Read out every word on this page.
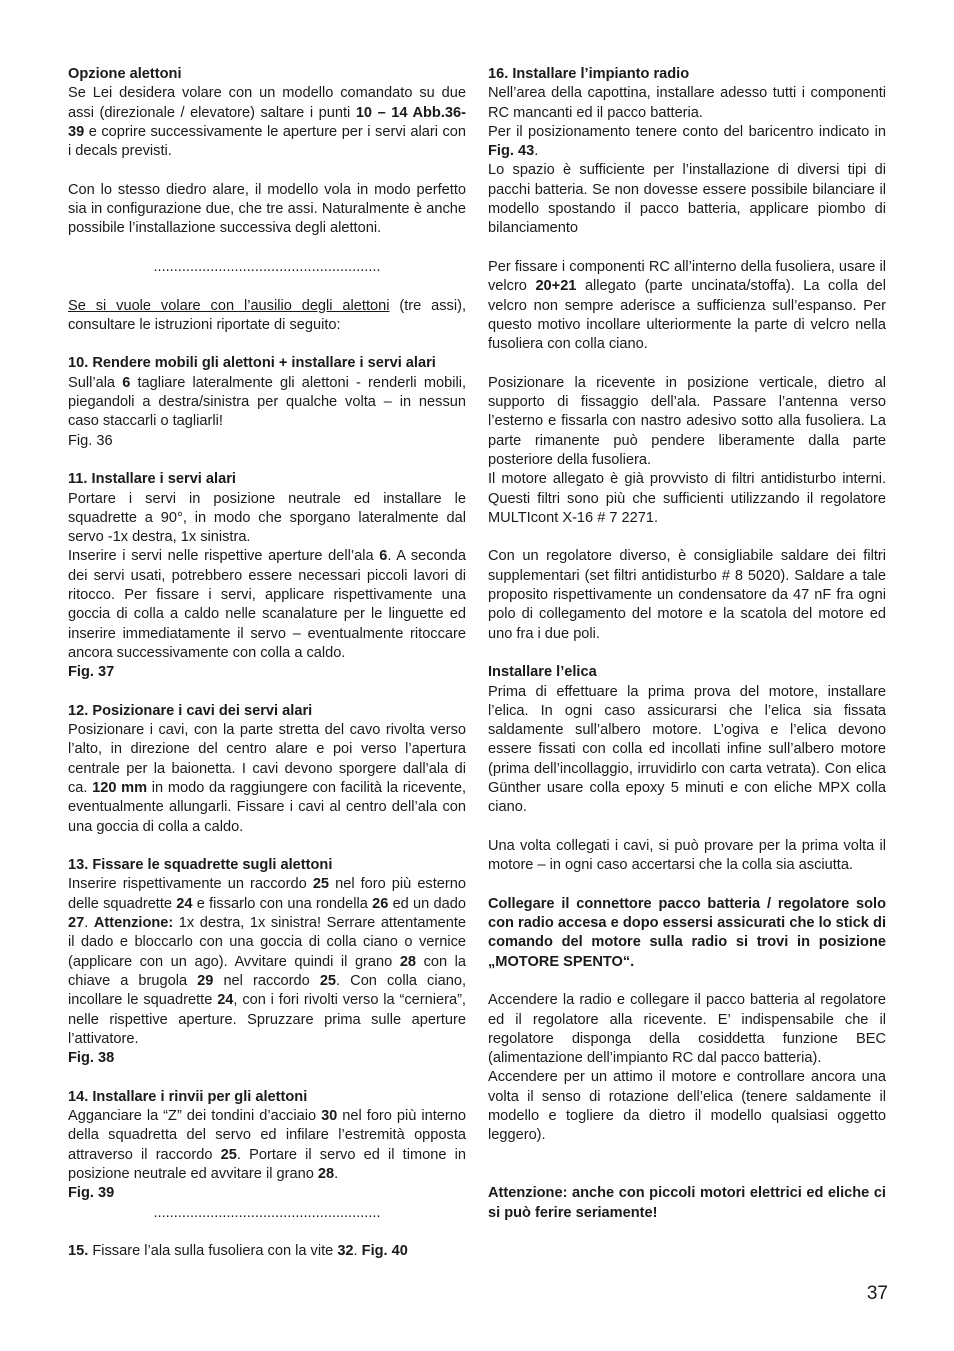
Opzione alettoni

Se Lei desidera volare con un modello comandato su due assi (direzionale / elevatore) saltare i punti 10 – 14 Abb.36-39 e coprire successivamente le aperture per i servi alari con i decals previsti.

Con lo stesso diedro alare, il modello vola in modo perfetto sia in configurazione due, che tre assi. Naturalmente è anche possibile l’installazione successiva degli alettoni.

........................................................

Se si vuole volare con l’ausilio degli alettoni (tre assi), consultare le istruzioni riportate di seguito:

10. Rendere mobili gli alettoni + installare i servi alari

Sull’ala 6 tagliare lateralmente gli alettoni - renderli mobili, piegandoli a destra/sinistra per qualche volta – in nessun caso staccarli o tagliarli!

Fig. 36

11. Installare i servi alari

Portare i servi in posizione neutrale ed installare le squadrette a 90°, in modo che sporgano lateralmente dal servo -1x destra, 1x sinistra.

Inserire i servi nelle rispettive aperture dell’ala 6. A seconda dei servi usati, potrebbero essere necessari piccoli lavori di ritocco. Per fissare i servi, applicare rispettivamente una goccia di colla a caldo nelle scanalature per le linguette ed inserire immediatamente il servo – eventualmente ritoccare ancora successivamente con colla a caldo.

Fig. 37

12. Posizionare i cavi dei servi alari

Posizionare i cavi, con la parte stretta del cavo rivolta verso l’alto, in direzione del centro alare e poi verso l’apertura centrale per la baionetta. I cavi devono sporgere dall’ala di ca. 120 mm in modo da raggiungere con facilità la ricevente, eventualmente allungarli. Fissare i cavi al centro dell’ala con una goccia di colla a caldo.

13. Fissare le squadrette sugli alettoni

Inserire rispettivamente un raccordo 25 nel foro più esterno delle squadrette 24 e fissarlo con una rondella 26 ed un dado 27. Attenzione: 1x destra, 1x sinistra! Serrare attentamente il dado e bloccarlo con una goccia di colla ciano o vernice (applicare con un ago). Avvitare quindi il grano 28 con la chiave a brugola 29 nel raccordo 25. Con colla ciano, incollare le squadrette 24, con i fori rivolti verso la “cerniera”, nelle rispettive aperture. Spruzzare prima sulle aperture l’attivatore.

Fig. 38

14. Installare i rinvii per gli alettoni

Agganciare la “Z” dei tondini d’acciaio 30 nel foro più interno della squadretta del servo ed infilare l’estremità opposta attraverso il raccordo 25. Portare il servo ed il timone in posizione neutrale ed avvitare il grano 28.

Fig. 39

........................................................

15. Fissare l’ala sulla fusoliera con la vite 32. Fig. 40

16. Installare l’impianto radio

Nell’area della capottina, installare adesso tutti i componenti RC mancanti ed il pacco batteria.

Per il posizionamento tenere conto del baricentro indicato in Fig. 43.

Lo spazio è sufficiente per l’installazione di diversi tipi di pacchi batteria. Se non dovesse essere possibile bilanciare il modello spostando il pacco batteria, applicare piombo di bilanciamento

Per fissare i componenti RC all’interno della fusoliera, usare il velcro 20+21 allegato (parte uncinata/stoffa). La colla del velcro non sempre aderisce a sufficienza sull’espanso. Per questo motivo incollare ulteriormente la parte di velcro nella fusoliera con colla ciano.

Posizionare la ricevente in posizione verticale, dietro al supporto di fissaggio dell’ala. Passare l’antenna verso l’esterno e fissarla con nastro adesivo sotto alla fusoliera. La parte rimanente può pendere liberamente dalla parte posteriore della fusoliera.

Il motore allegato è già provvisto di filtri antidisturbo interni. Questi filtri sono più che sufficienti utilizzando il regolatore MULTIcont X-16 # 7 2271.

Con un regolatore diverso, è consigliabile saldare dei filtri supplementari (set filtri antidisturbo # 8 5020). Saldare a tale proposito rispettivamente un condensatore da 47 nF fra ogni polo di collegamento del motore e la scatola del motore ed uno fra i due poli.

Installare l’elica

Prima di effettuare la prima prova del motore, installare l’elica. In ogni caso assicurarsi che l’elica sia fissata saldamente sull’albero motore. L’ogiva e l’elica devono essere fissati con colla ed incollati infine sull’albero motore (prima dell’incollaggio, irruvidirlo con carta vetrata). Con elica Günther usare colla epoxy 5 minuti e con eliche MPX colla ciano.

Una volta collegati i cavi, si può provare per la prima volta il motore – in ogni caso accertarsi che la colla sia asciutta.

Collegare il connettore pacco batteria / regolatore solo con radio accesa e dopo essersi assicurati che lo stick di comando del motore sulla radio si trovi in posizione „MOTORE SPENTO“.

Accendere la radio e collegare il pacco batteria al regolatore ed il regolatore alla ricevente. E’ indispensabile che il regolatore disponga della cosiddetta funzione BEC (alimentazione dell’impianto RC dal pacco batteria).

Accendere per un attimo il motore e controllare ancora una volta il senso di rotazione dell’elica (tenere saldamente il modello e togliere da dietro il modello qualsiasi oggetto leggero).

Attenzione: anche con piccoli motori elettrici ed eliche ci si può ferire seriamente!

37
